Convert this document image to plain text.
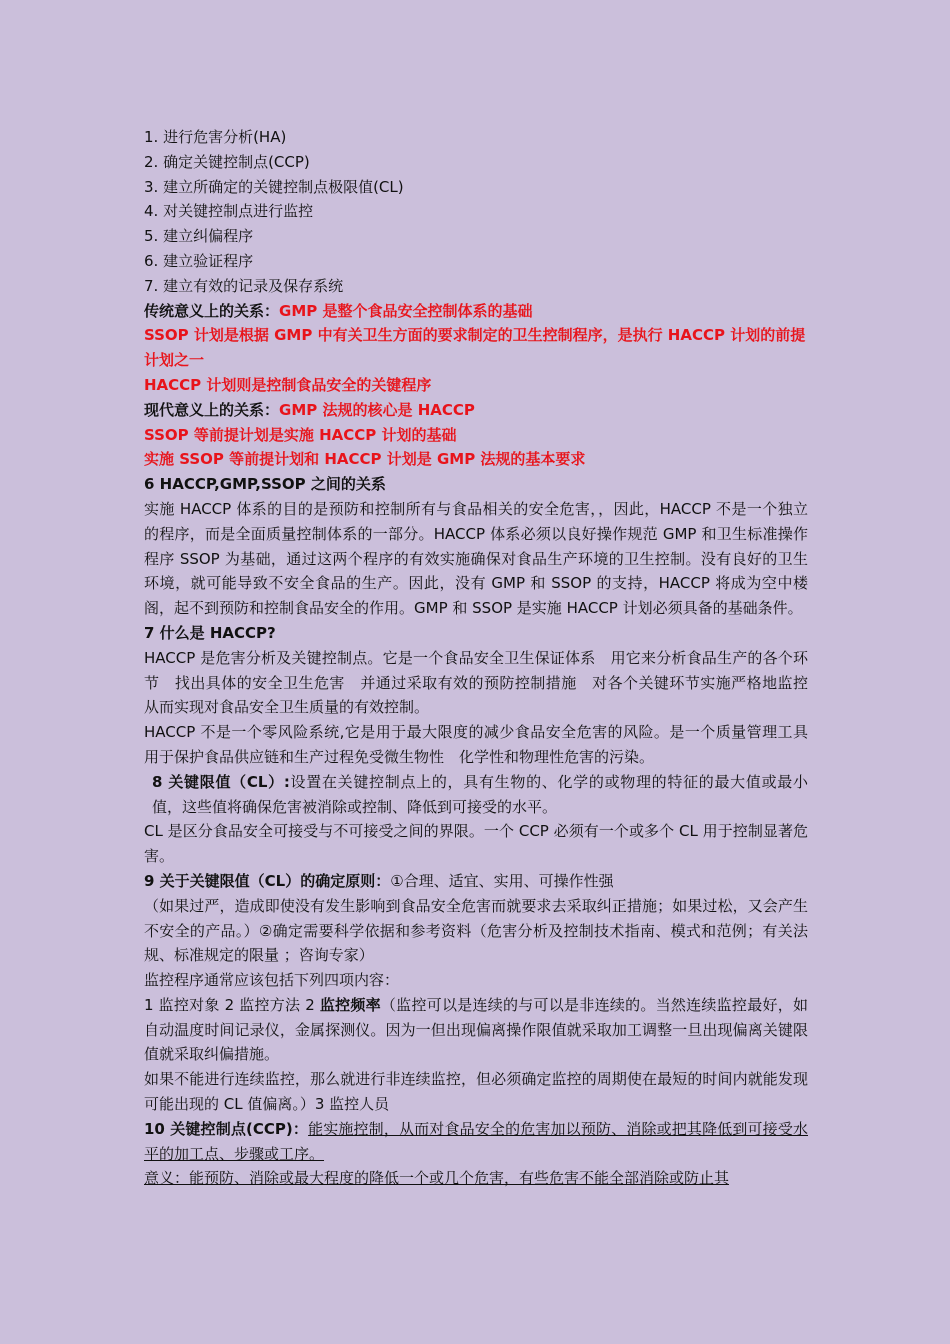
1. 进行危害分析(HA)
2. 确定关键控制点(CCP)
3. 建立所确定的关键控制点极限值(CL)
4. 对关键控制点进行监控
5. 建立纠偏程序
6. 建立验证程序
7. 建立有效的记录及保存系统
传统意义上的关系：GMP 是整个食品安全控制体系的基础
SSOP 计划是根据 GMP 中有关卫生方面的要求制定的卫生控制程序，是执行 HACCP 计划的前提计划之一
HACCP 计划则是控制食品安全的关键程序
现代意义上的关系：GMP 法规的核心是 HACCP
SSOP 等前提计划是实施 HACCP 计划的基础
实施 SSOP 等前提计划和 HACCP 计划是 GMP 法规的基本要求
6 HACCP,GMP,SSOP 之间的关系
实施 HACCP 体系的目的是预防和控制所有与食品相关的安全危害，，因此，HACCP 不是一个独立的程序，而是全面质量控制体系的一部分。HACCP 体系必须以良好操作规范 GMP 和卫生标准操作程序 SSOP 为基础，通过这两个程序的有效实施确保对食品生产环境的卫生控制。没有良好的卫生环境，就可能导致不安全食品的生产。因此，没有 GMP 和 SSOP 的支持，HACCP 将成为空中楼阁，起不到预防和控制食品安全的作用。GMP 和 SSOP 是实施 HACCP 计划必须具备的基础条件。
7 什么是 HACCP?
HACCP 是危害分析及关键控制点。它是一个食品安全卫生保证体系　用它来分析食品生产的各个环节　找出具体的安全卫生危害　并通过采取有效的预防控制措施　对各个关键环节实施严格地监控　从而实现对食品安全卫生质量的有效控制。
HACCP 不是一个零风险系统,它是用于最大限度的减少食品安全危害的风险。是一个质量管理工具　用于保护食品供应链和生产过程免受微生物性　化学性和物理性危害的污染。
8 关键限值（CL）:设置在关键控制点上的，具有生物的、化学的或物理的特征的最大值或最小值，这些值将确保危害被消除或控制、降低到可接受的水平。
CL 是区分食品安全可接受与不可接受之间的界限。一个 CCP 必须有一个或多个 CL 用于控制显著危害。
9 关于关键限值（CL）的确定原则：①合理、适宜、实用、可操作性强
（如果过严，造成即使没有发生影响到食品安全危害而就要求去采取纠正措施；如果过松，又会产生不安全的产品。）②确定需要科学依据和参考资料（危害分析及控制技术指南、模式和范例；有关法规、标准规定的限量 ；咨询专家）
监控程序通常应该包括下列四项内容：
1 监控对象 2 监控方法 2 监控频率（监控可以是连续的与可以是非连续的。当然连续监控最好，如自动温度时间记录仪，金属探测仪。因为一但出现偏离操作限值就采取加工调整一旦出现偏离关键限值就采取纠偏措施。
如果不能进行连续监控，那么就进行非连续监控，但必须确定监控的周期使在最短的时间内就能发现可能出现的 CL 值偏离。）3 监控人员
10 关键控制点(CCP)：能实施控制，从而对食品安全的危害加以预防、消除或把其降低到可接受水平的加工点、步骤或工序。
意义：能预防、消除或最大程度的降低一个或几个危害，有些危害不能全部消除或防止其
